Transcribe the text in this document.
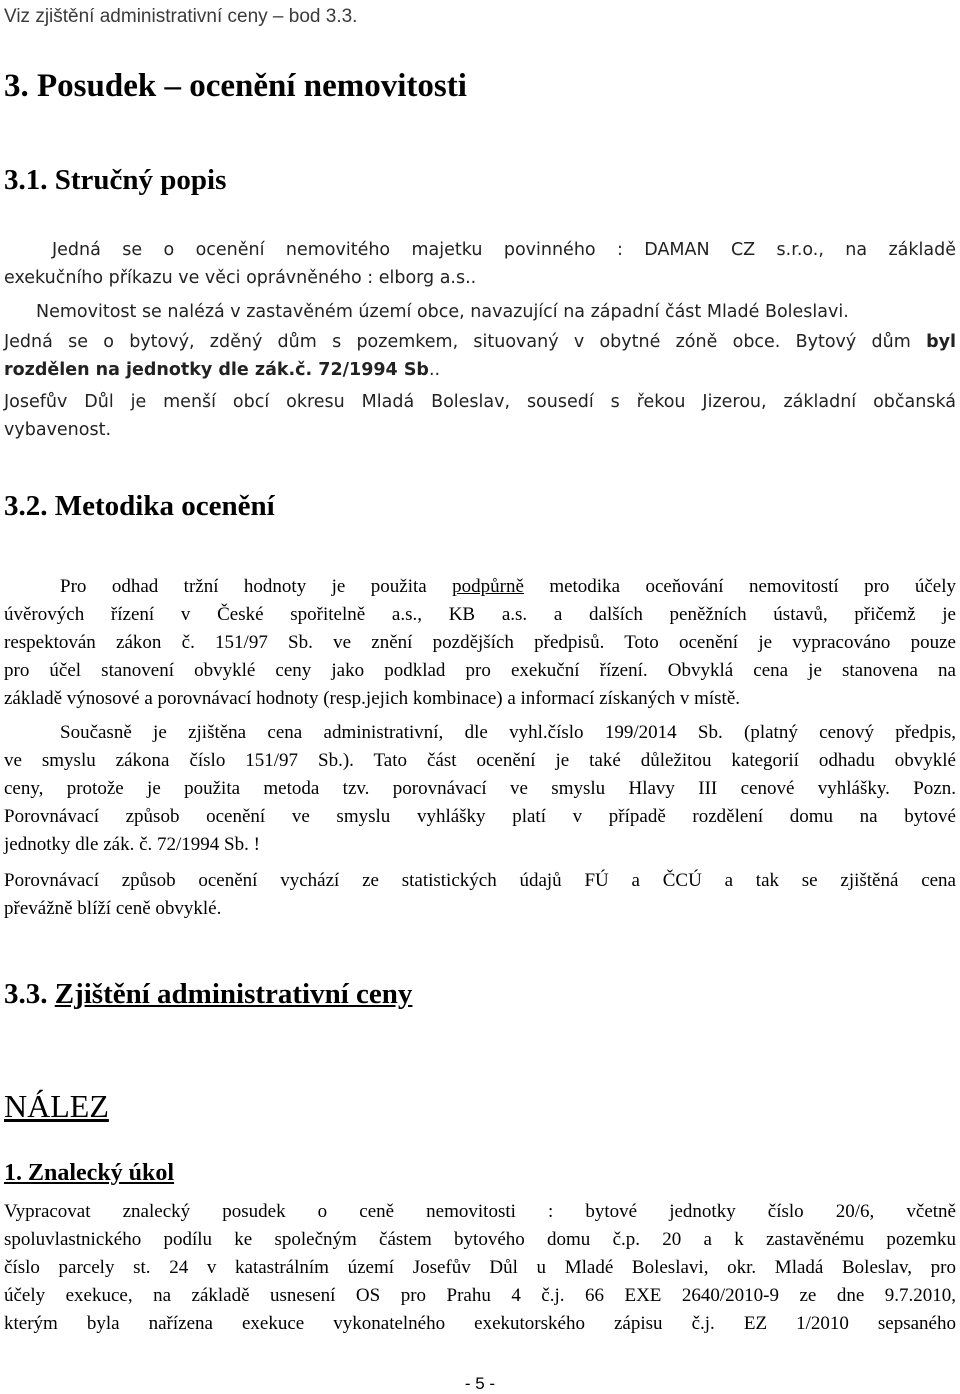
Viz zjištění administrativní ceny – bod 3.3.
3. Posudek – ocenění nemovitosti
3.1. Stručný popis
Jedná se o ocenění nemovitého majetku povinného : DAMAN CZ s.r.o., na základě
exekučního příkazu ve věci oprávněného : elborg a.s..
Nemovitost se nalézá v zastavěném území obce, navazující na západní část Mladé Boleslavi.
Jedná se o bytový, zděný dům s pozemkem, situovaný v obytné zóně obce. Bytový dům byl
rozdělen na jednotky dle zák.č. 72/1994 Sb..
Josefův Důl je menší obcí okresu Mladá Boleslav, sousedí s řekou Jizerou, základní občanská
vybavenost.
3.2. Metodika ocenění
Pro odhad tržní hodnoty je použita podpůrně metodika oceňování nemovitostí pro účely
úvěrových řízení v České spořitelně a.s., KB a.s. a dalších peněžních ústavů, přičemž je
respektován zákon č. 151/97 Sb. ve znění pozdějších předpisů. Toto ocenění je vypracováno pouze
pro účel stanovení obvyklé ceny jako podklad pro exekuční řízení. Obvyklá cena je stanovena na
základě výnosové a porovnávací hodnoty (resp.jejich kombinace) a informací získaných v místě.
Současně je zjištěna cena administrativní, dle vyhl.číslo 199/2014 Sb. (platný cenový předpis,
ve smyslu zákona číslo 151/97 Sb.). Tato část ocenění je také důležitou kategorií odhadu obvyklé
ceny, protože je použita metoda tzv. porovnávací ve smyslu Hlavy III cenové vyhlášky. Pozn.
Porovnávací způsob ocenění ve smyslu vyhlášky platí v případě rozdělení domu na bytové
jednotky dle zák. č. 72/1994 Sb. !
Porovnávací způsob ocenění vychází ze statistických údajů FÚ a ČCÚ a tak se zjištěná cena
převážně blíží ceně obvyklé.
3.3. Zjištění administrativní ceny
NÁLEZ
1. Znalecký úkol
Vypracovat znalecký posudek o ceně nemovitosti : bytové jednotky číslo 20/6, včetně
spoluvlastnického podílu ke společným částem bytového domu č.p. 20 a k zastavěnému pozemku
číslo parcely st. 24 v katastrálním území Josefův Důl u Mladé Boleslavi, okr. Mladá Boleslav, pro
účely exekuce, na základě usnesení OS pro Prahu 4 č.j. 66 EXE 2640/2010-9 ze dne 9.7.2010,
kterým byla nařízena exekuce vykonatelného exekutorského zápisu č.j. EZ 1/2010 sepsaného
- 5 -
